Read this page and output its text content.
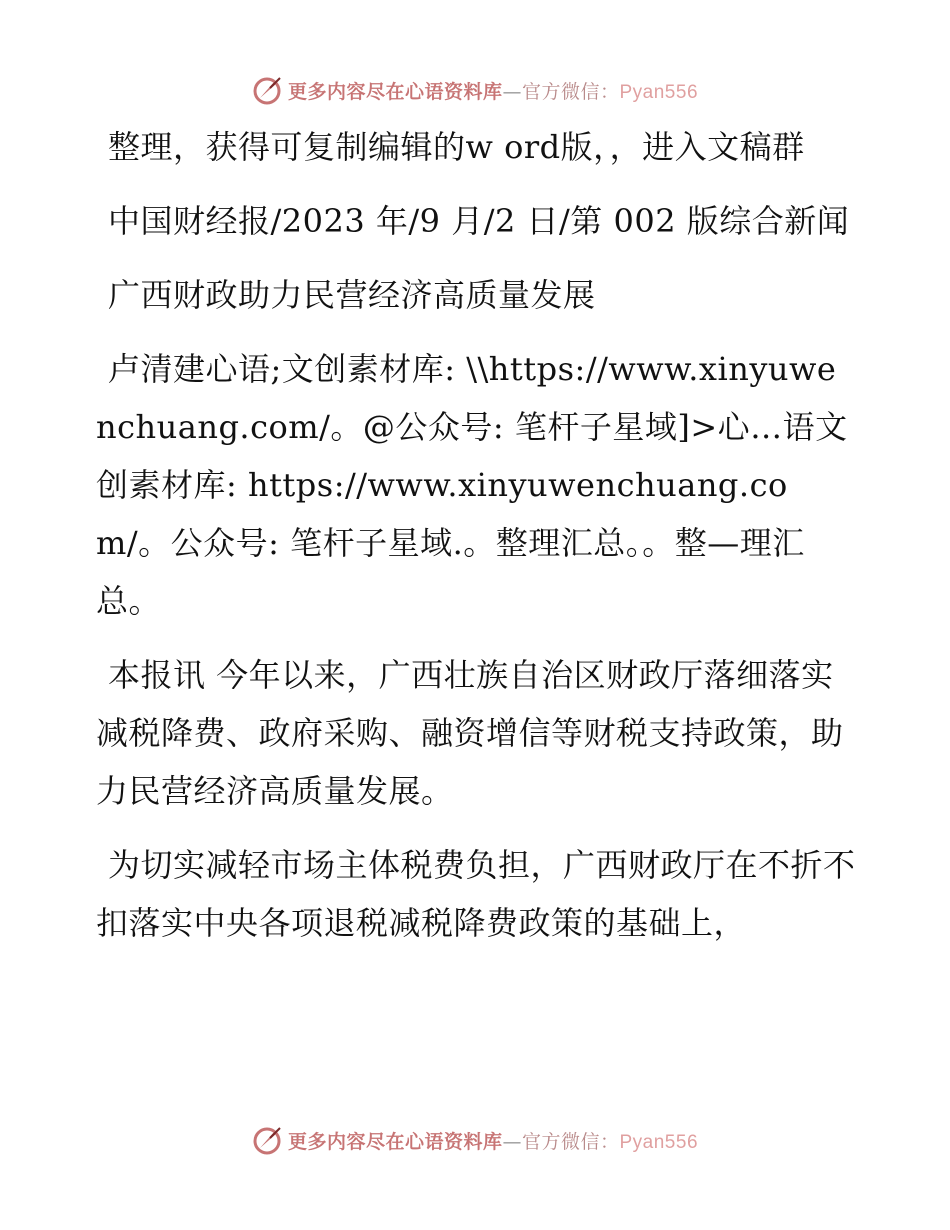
更多内容尽在心语资料库—官方微信：Pyan556

整理，获得可复制编辑的w ord版，，进入文稿群

中国财经报/2023 年/9 月/2 日/第 002 版综合新闻

广西财政助力民营经济高质量发展

卢清建心语;文创素材库: \\https://www.xinyuwenchuang.com/。@公众号: 笔杆子星域]>心…语文创素材库: https://www.xinyuwenchuang.com/。公众号: 笔杆子星域.。整理汇总。。整—理汇总。

本报讯 今年以来，广西壮族自治区财政厅落细落实减税降费、政府采购、融资增信等财税支持政策，助力民营经济高质量发展。

为切实减轻市场主体税费负担，广西财政厅在不折不扣落实中央各项退税减税降费政策的基础上，

更多内容尽在心语资料库—官方微信：Pyan556
